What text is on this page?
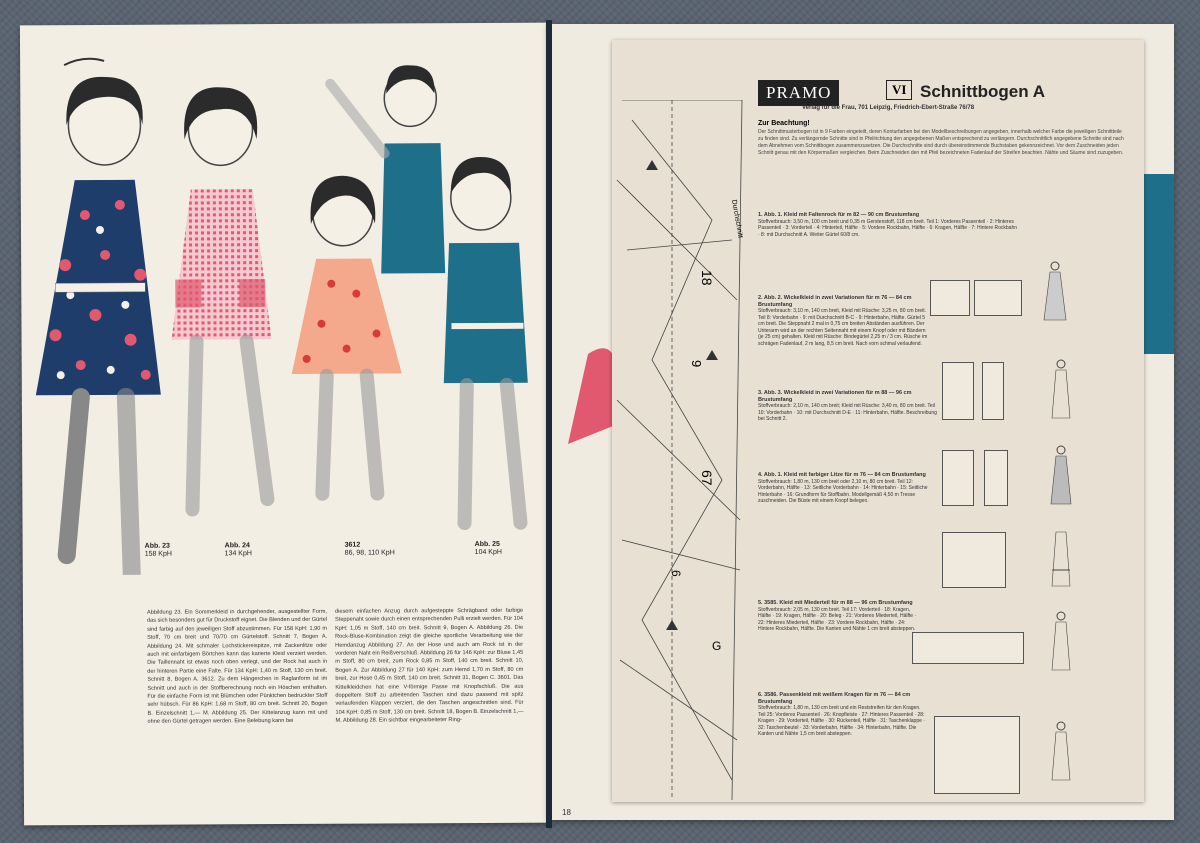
Abb. 23
158 KpH
Abb. 24
134 KpH
3612
86, 98, 110 KpH
Abb. 25
104 KpH
Abbildung 23. Ein Sommerkleid in durchgehender, ausgestellter Form, das sich besonders gut für Druckstoff eignet. Die Blenden und der Gürtel sind farbig auf den jeweiligen Stoff abzustimmen. Für 158 KpH: 1,90 m Stoff, 70 cm breit und 70/70 cm Gürtelstoff. Schnitt 7, Bogen A. Abbildung 24. Mit schmaler Lochstickereispitze, mit Zackenlitze oder auch mit einfarbigem Börtchen kann das karierte Kleid verziert werden. Die Taillennaht ist etwas noch oben verlegt, und der Rock hat auch in der hinteren Partie eine Falte. Für 134 KpH: 1,40 m Stoff, 130 cm breit. Schnitt 8, Bogen A. 3612. Zu dem Hängerchen in Raglanform ist im Schnitt und auch in der Stoffberechnung noch ein Höschen enthalten. Für die einfache Form ist mit Blümchen oder Pünktchen bedruckter Stoff sehr hübsch. Für 86 KpH: 1,68 m Stoff, 80 cm breit. Schnitt 20, Bogen B. Einzelschnitt 1,— M. Abbildung 25. Der Kittelanzug kann mit und ohne den Gürtel getragen werden. Eine Belebung kann bei
diesem einfachen Anzug durch aufgesteppte Schrägband oder farbige Steppenaht sowie durch einen entsprechenden Pulli erzielt werden. Für 104 KpH: 1,05 m Stoff, 140 cm breit. Schnitt 9, Bogen A. Abbildung 26. Die Rock-Bluse-Kombination zeigt die gleiche sportliche Verarbeitung wie der Hemdanzug Abbildung 27. An der Hose und auch am Rock ist in der vorderen Naht ein Reißverschluß. Abbildung 26 für 146 KpH: zur Bluse 1,45 m Stoff, 80 cm breit, zum Rock 0,85 m Stoff, 140 cm breit. Schnitt 10, Bogen A. Zur Abbildung 27 für 140 KpH: zum Hemd 1,70 m Stoff, 80 cm breit, zur Hose 0,45 m Stoff, 140 cm breit. Schnitt 31, Bogen C. 3601. Das Kittelkleidchen hat eine V-förmige Passe mit Knopfschluß. Die aus doppeltem Stoff zu arbeitenden Taschen sind dazu passend mit spitz verlaufenden Klappen verziert, die den Taschen angeschnitten sind. Für 104 KpH: 0,85 m Stoff, 130 cm breit. Schnitt 18, Bogen B. Einzelschnitt 1,— M. Abbildung 28. Ein sichtbar eingearbeiteter Ring-
18
18
9
67
6
G
Durchschnitt
PRAMO	VI Schnittbogen A
Verlag für die Frau, 701 Leipzig, Friedrich-Ebert-Straße 76/78
Zur Beachtung!
Der Schnittmusterbogen ist in 9 Farben eingeteilt, deren Konturfarben bei den Modellbeschreibungen angegeben, innerhalb welcher Farbe die jeweiligen Schnittteile zu finden sind. Zu verlängernde Schnitte sind in Pfeilrichtung den angegebenen Maßen entsprechend zu verlängern. Durchschnittlich angegebene Schnitte sind nach dem Abnehmen vom Schnittbogen zusammenzusetzen. Die Durchschnitte sind durch übereinstimmende Buchstaben gekennzeichnet. Vor dem Zuschneiden jeden Schnitt genau mit den Körpermaßen vergleichen. Beim Zuschneiden den mit Pfeil bezeichneten Fadenlauf der Streifen beachten. Nähte und Säume sind zuzugeben.
1. Abb. 1. Kleid mit Faltenrock für m 82 — 90 cm Brustumfang
Stoffverbrauch: 3,50 m, 100 cm breit und 0,35 m Gerstenstoff, 118 cm breit. Teil 1: Vorderes Passenteil · 2: Hinteres Passenteil · 3: Vorderteil · 4: Hinterteil, Hälfte · 5: Vordere Rockbahn, Hälfte · 6: Kragen, Hälfte · 7: Hintere Rockbahn · 8: mit Durchschnitt A. Weiter Gürtel 60/8 cm.
2. Abb. 2. Wickelkleid in zwei Variationen für m 76 — 84 cm Brustumfang
Stoffverbrauch: 3,10 m, 140 cm breit, Kleid mit Rüsche: 3,25 m, 80 cm breit. Teil 8: Vorderbahn · 9: mit Durchschnitt B-C · 9: Hinterbahn, Hälfte. Gürtel 5 cm breit. Die Steppnaht 2 mal in 0,75 cm breiten Abständen ausführen. Der Unterarm wird an der rechten Seitennaht mit einem Knopf oder mit Bändern (je 25 cm) gehalten. Kleid mit Rüsche: Bindegürtel 2,25 m / 3 cm. Rüsche im schrägen Fadenlauf, 2 m lang, 8,5 cm breit. Nach vorn schmal verlaufend.
3. Abb. 3. Wickelkleid in zwei Variationen für m 88 — 96 cm Brustumfang
Stoffverbrauch: 2,10 m, 140 cm breit; Kleid mit Rüsche: 3,40 m, 80 cm breit. Teil 10: Vorderbahn · 10: mit Durchschnitt D-E · 11: Hinterbahn, Hälfte. Beschreibung bei Schnitt 2.
4. Abb. 1. Kleid mit farbiger Litze für m 76 — 84 cm Brustumfang
Stoffverbrauch: 1,80 m, 130 cm breit oder 2,10 m, 80 cm breit. Teil 12: Vorderbahn, Hälfte · 13: Seitliche Vorderbahn · 14: Hinterbahn · 15: Seitliche Hinterbahn · 16: Grundform für Stoffbahn. Modellgemäß 4,50 m Tresse zuschneiden. Die Büste mit einem Knopf belegen.
5. 3585. Kleid mit Miederteil für m 88 — 96 cm Brustumfang
Stoffverbrauch: 2,05 m, 130 cm breit. Teil 17: Vorderteil · 18: Kragen, Hälfte · 19: Kragen, Hälfte · 20: Beleg · 21: Vorderes Miederteil, Hälfte · 22: Hinteres Miederteil, Hälfte · 23: Vordere Rockbahn, Hälfte · 24: Hintere Rockbahn, Hälfte. Die Kanten und Nähte 1 cm breit absteppen.
6. 3586. Passenkleid mit weißem Kragen für m 76 — 84 cm Brustumfang
Stoffverbrauch: 1,80 m, 130 cm breit und ein Reststreifen für den Kragen. Teil 25: Vorderes Passenteil · 26: Knopfleiste · 27: Hinteres Passenteil · 28: Kragen · 29: Vorderteil, Hälfte · 30: Rückenteil, Hälfte · 31: Taschenklappe · 32: Taschenbeutel · 33: Vorderbahn, Hälfte · 34: Hinterbahn, Hälfte. Die Kanten und Nähte 1,5 cm breit absteppen.
